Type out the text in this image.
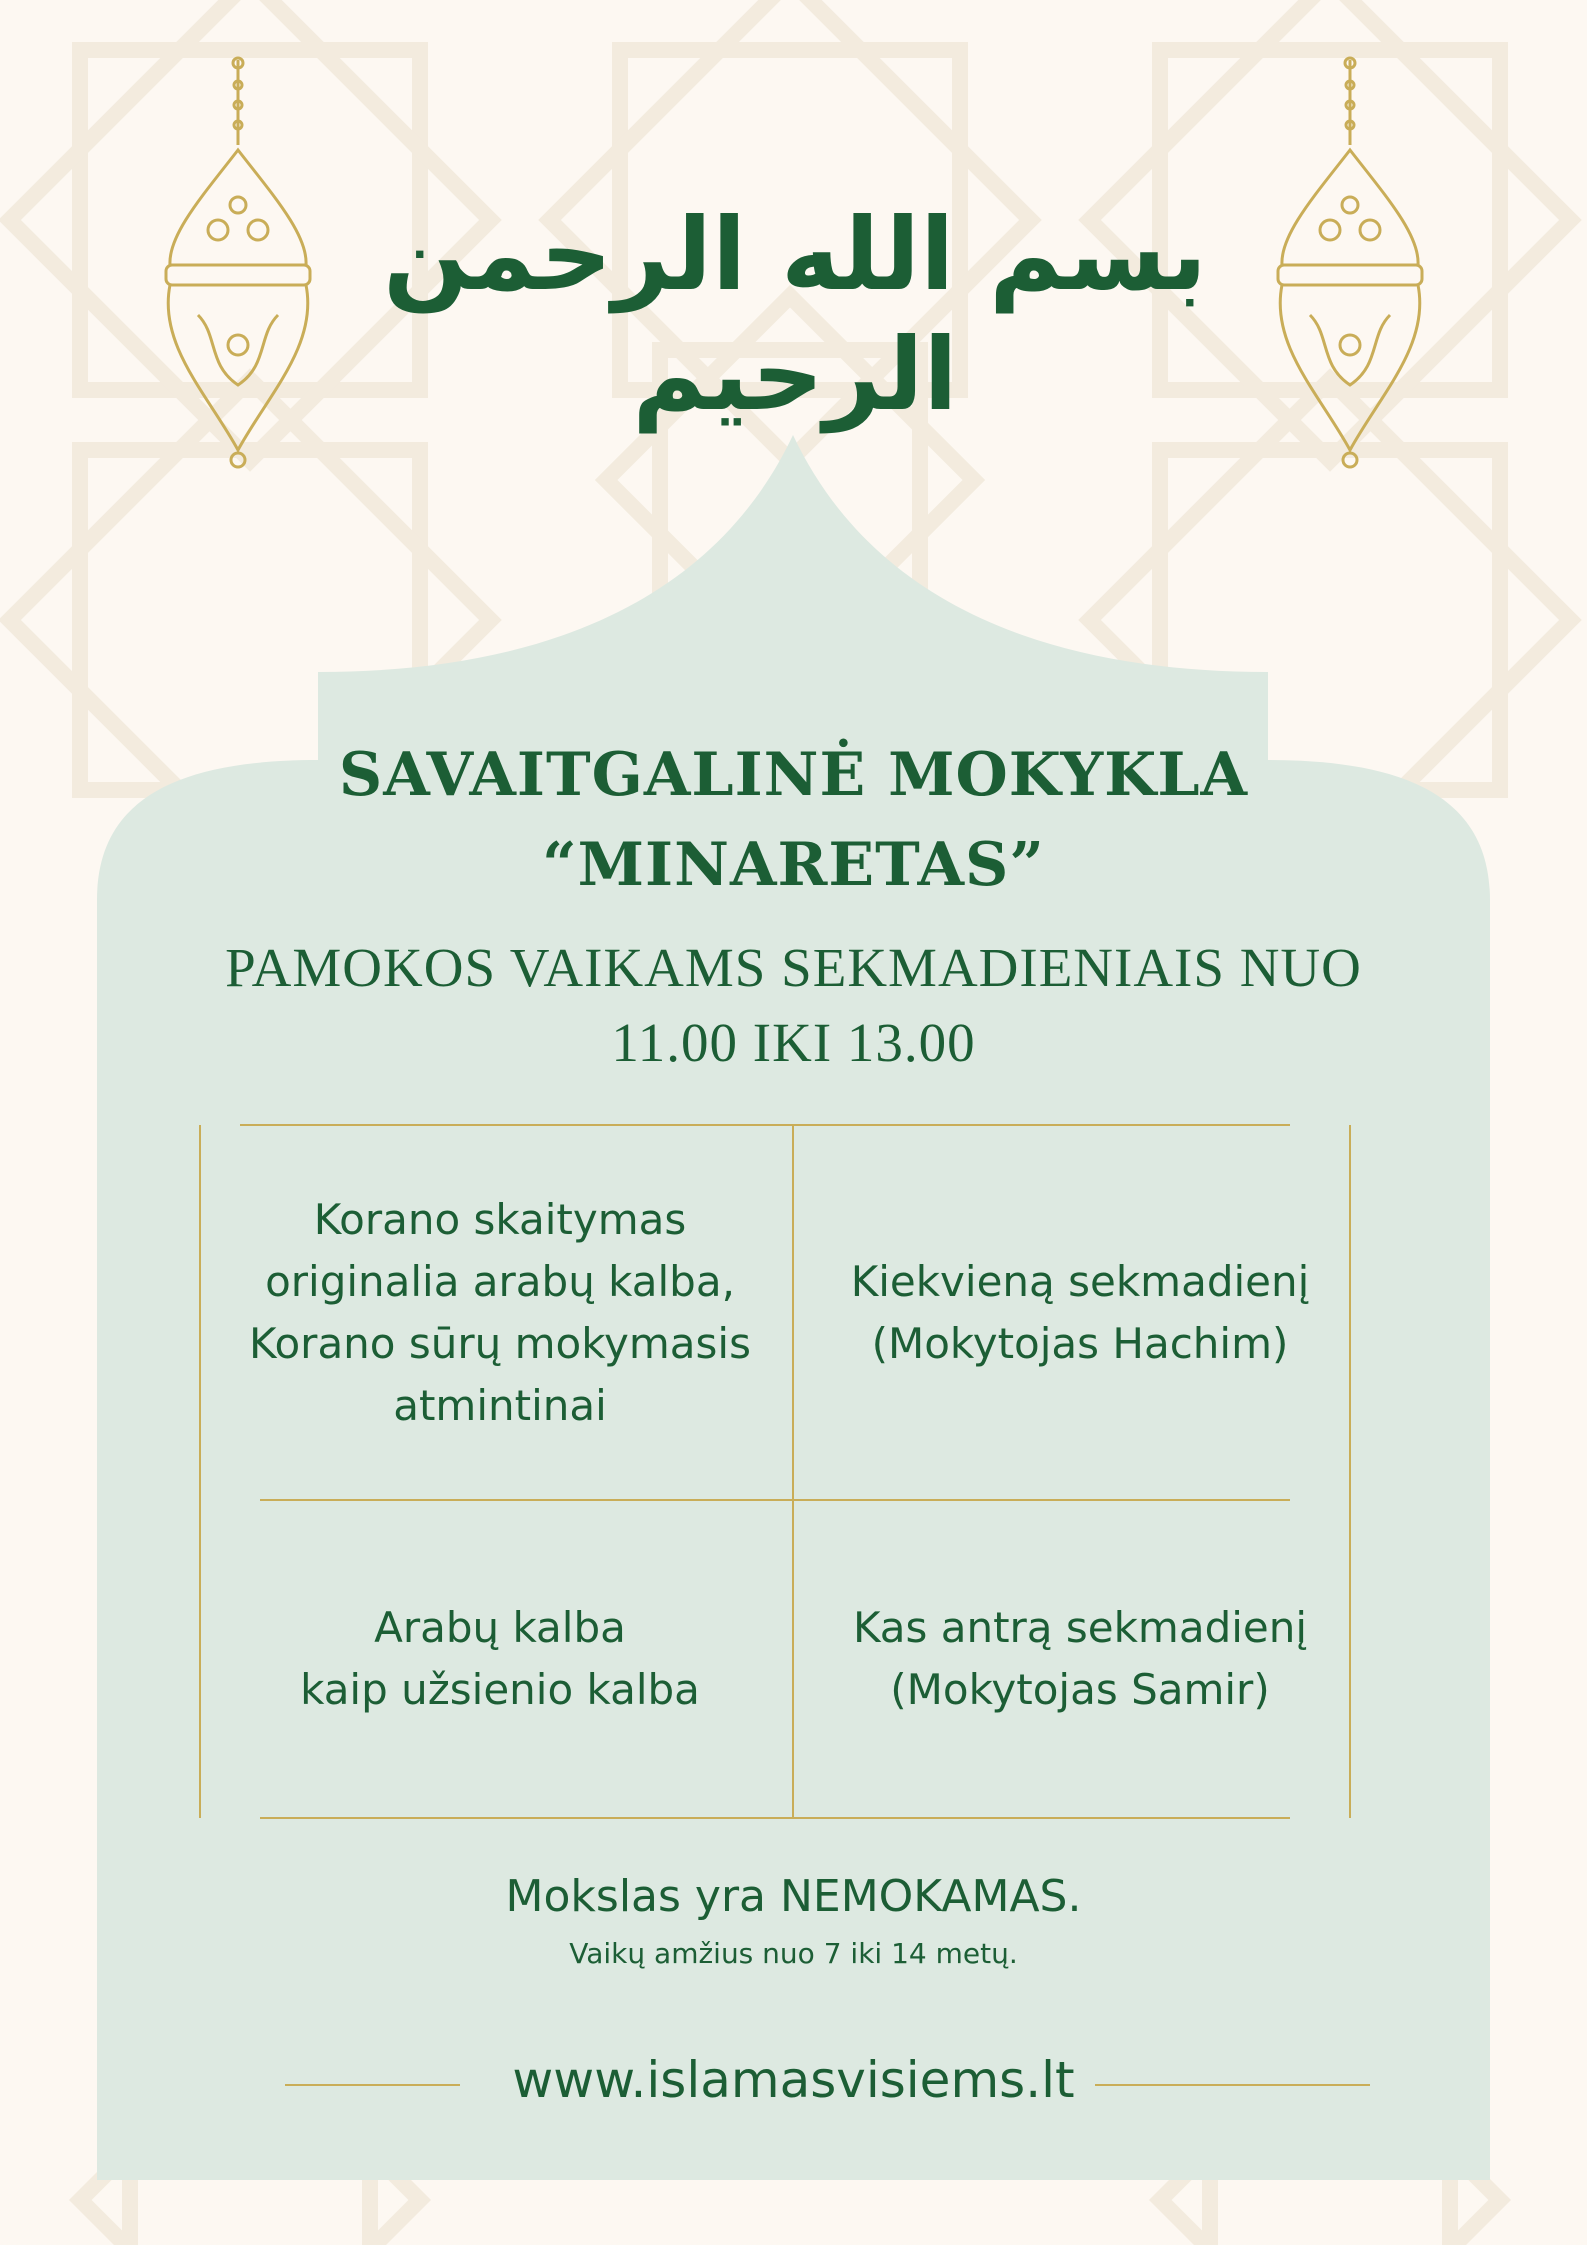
بسم الله الرحمن الرحيم
SAVAITGALINĖ MOKYKLA
“MINARETAS”
PAMOKOS VAIKAMS SEKMADIENIAIS NUO
11.00 IKI 13.00
Korano skaitymas
originalia arabų kalba,
Korano sūrų mokymasis
atmintinai
Kiekvieną sekmadienį
(Mokytojas Hachim)
Arabų kalba
kaip užsienio kalba
Kas antrą sekmadienį
(Mokytojas Samir)
Mokslas yra NEMOKAMAS.
Vaikų amžius nuo 7 iki 14 metų.
www.islamasvisiems.lt
